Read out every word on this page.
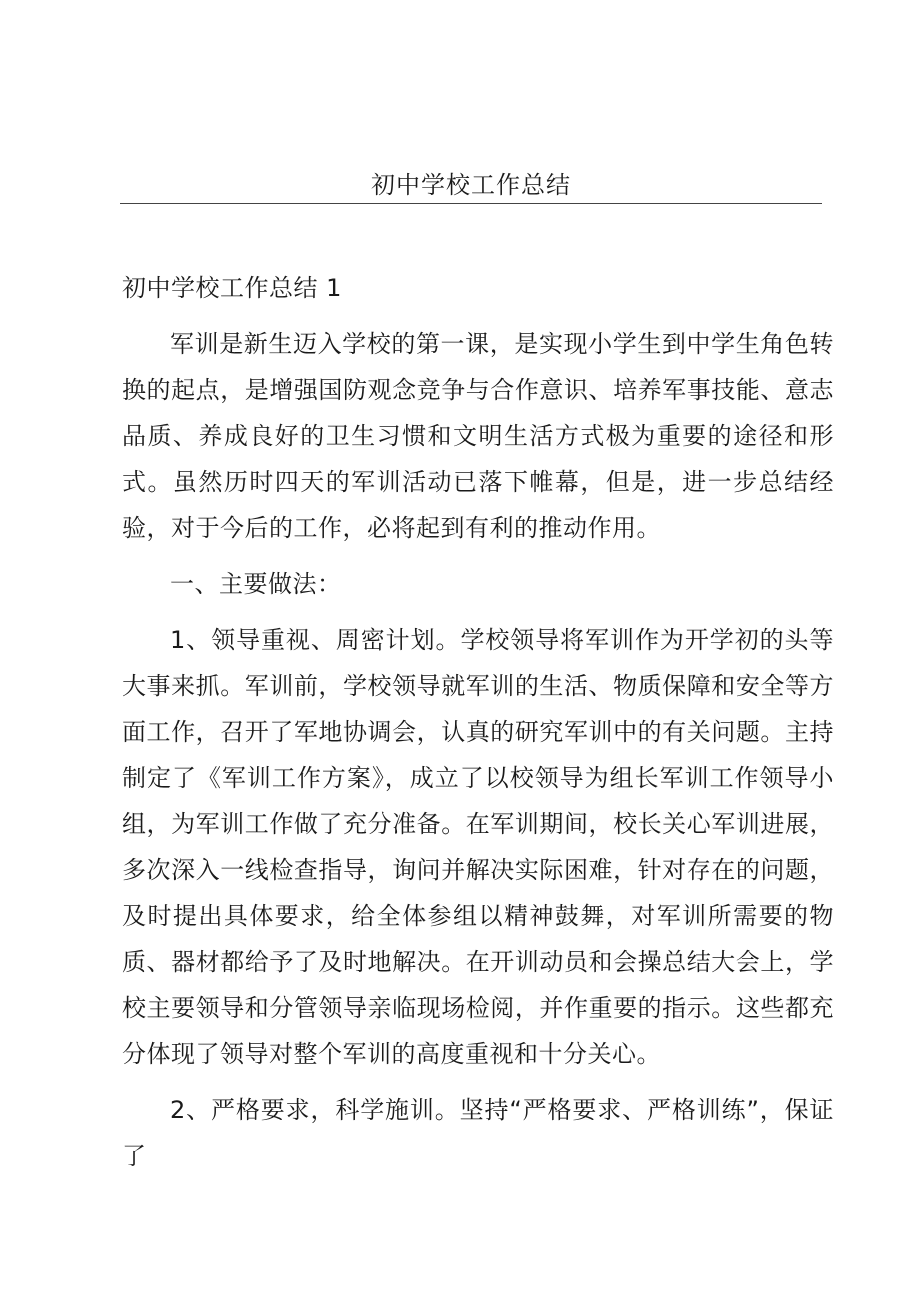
初中学校工作总结

初中学校工作总结 1

军训是新生迈入学校的第一课，是实现小学生到中学生角色转换的起点，是增强国防观念竞争与合作意识、培养军事技能、意志品质、养成良好的卫生习惯和文明生活方式极为重要的途径和形式。虽然历时四天的军训活动已落下帷幕，但是，进一步总结经验，对于今后的工作，必将起到有利的推动作用。

一、主要做法：

1、领导重视、周密计划。学校领导将军训作为开学初的头等大事来抓。军训前，学校领导就军训的生活、物质保障和安全等方面工作，召开了军地协调会，认真的研究军训中的有关问题。主持制定了《军训工作方案》，成立了以校领导为组长军训工作领导小组，为军训工作做了充分准备。在军训期间，校长关心军训进展，多次深入一线检查指导，询问并解决实际困难，针对存在的问题，及时提出具体要求，给全体参组以精神鼓舞，对军训所需要的物质、器材都给予了及时地解决。在开训动员和会操总结大会上，学校主要领导和分管领导亲临现场检阅，并作重要的指示。这些都充分体现了领导对整个军训的高度重视和十分关心。

2、严格要求，科学施训。坚持“严格要求、严格训练”，保证了
